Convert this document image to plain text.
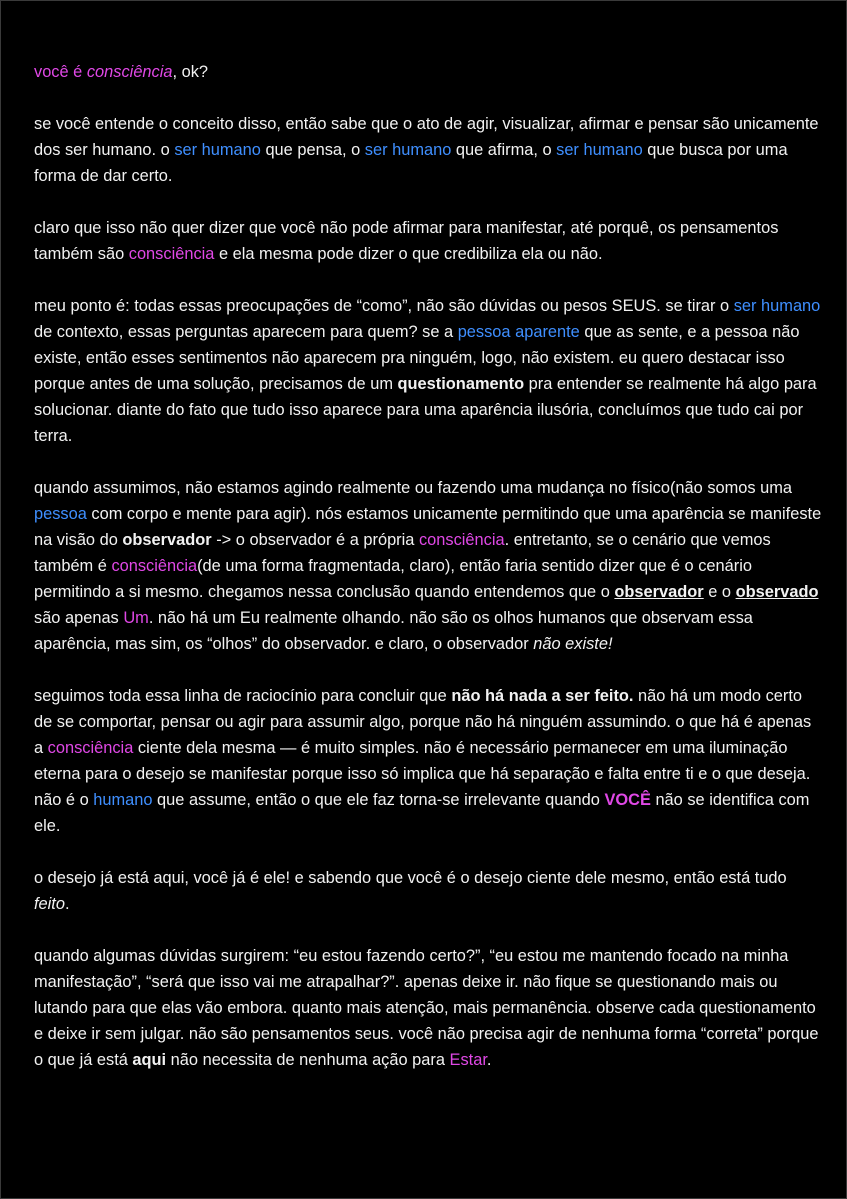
você é consciência, ok?

se você entende o conceito disso, então sabe que o ato de agir, visualizar, afirmar e pensar são unicamente dos ser humano. o ser humano que pensa, o ser humano que afirma, o ser humano que busca por uma forma de dar certo.

claro que isso não quer dizer que você não pode afirmar para manifestar, até porquê, os pensamentos também são consciência e ela mesma pode dizer o que credibiliza ela ou não.

meu ponto é: todas essas preocupações de “como”, não são dúvidas ou pesos SEUS. se tirar o ser humano de contexto, essas perguntas aparecem para quem? se a pessoa aparente que as sente, e a pessoa não existe, então esses sentimentos não aparecem pra ninguém, logo, não existem. eu quero destacar isso porque antes de uma solução, precisamos de um questionamento pra entender se realmente há algo para solucionar. diante do fato que tudo isso aparece para uma aparência ilusória, concluímos que tudo cai por terra.

quando assumimos, não estamos agindo realmente ou fazendo uma mudança no físico(não somos uma pessoa com corpo e mente para agir). nós estamos unicamente permitindo que uma aparência se manifeste na visão do observador -> o observador é a própria consciência. entretanto, se o cenário que vemos também é consciência(de uma forma fragmentada, claro), então faria sentido dizer que é o cenário permitindo a si mesmo. chegamos nessa conclusão quando entendemos que o observador e o observado são apenas Um. não há um Eu realmente olhando. não são os olhos humanos que observam essa aparência, mas sim, os “olhos” do observador. e claro, o observador não existe!

seguimos toda essa linha de raciocínio para concluir que não há nada a ser feito. não há um modo certo de se comportar, pensar ou agir para assumir algo, porque não há ninguém assumindo. o que há é apenas a consciência ciente dela mesma — é muito simples. não é necessário permanecer em uma iluminação eterna para o desejo se manifestar porque isso só implica que há separação e falta entre ti e o que deseja. não é o humano que assume, então o que ele faz torna-se irrelevante quando VOCÊ não se identifica com ele.

o desejo já está aqui, você já é ele! e sabendo que você é o desejo ciente dele mesmo, então está tudo feito.

quando algumas dúvidas surgirem: “eu estou fazendo certo?”, “eu estou me mantendo focado na minha manifestação”, “será que isso vai me atrapalhar?”. apenas deixe ir. não fique se questionando mais ou lutando para que elas vão embora. quanto mais atenção, mais permanência. observe cada questionamento e deixe ir sem julgar. não são pensamentos seus. você não precisa agir de nenhuma forma “correta” porque o que já está aqui não necessita de nenhuma ação para Estar.
